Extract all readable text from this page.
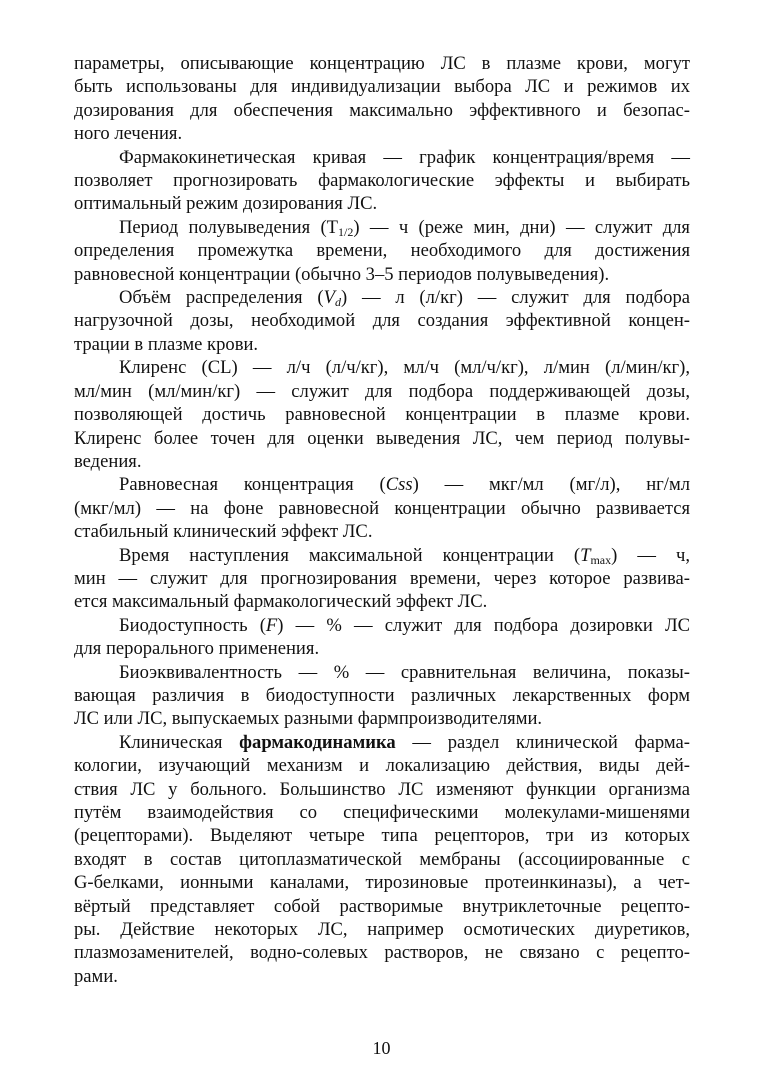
параметры, описывающие концентрацию ЛС в плазме крови, могут
быть использованы для индивидуализации выбора ЛС и режимов их
дозирования для обеспечения максимально эффективного и безопас-
ного лечения.

Фармакокинетическая кривая — график концентрация/время —
позволяет прогнозировать фармакологические эффекты и выбирать
оптимальный режим дозирования ЛС.

Период полувыведения $(T_{1/2})$ — ч (реже мин, дни) — служит для
определения промежутка времени, необходимого для достижения
равновесной концентрации (обычно 3–5 периодов полувыведения).

Объём распределения $(V_d)$ — л (л/кг) — служит для подбора
нагрузочной дозы, необходимой для создания эффективной концен-
трации в плазме крови.

Клиренс (CL) — л/ч (л/ч/кг), мл/ч (мл/ч/кг), л/мин (л/мин/кг),
мл/мин (мл/мин/кг) — служит для подбора поддерживающей дозы,
позволяющей достичь равновесной концентрации в плазме крови.
Клиренс более точен для оценки выведения ЛС, чем период полувы-
ведения.

Равновесная концентрация (Css) — мкг/мл (мг/л), нг/мл
(мкг/мл) — на фоне равновесной концентрации обычно развивается
стабильный клинический эффект ЛС.

Время наступления максимальной концентрации $(T_{max})$ — ч,
мин — служит для прогнозирования времени, через которое развива-
ется максимальный фармакологический эффект ЛС.

Биодоступность (F) — % — служит для подбора дозировки ЛС
для перорального применения.

Биоэквивалентность — % — сравнительная величина, показы-
вающая различия в биодоступности различных лекарственных форм
ЛС или ЛС, выпускаемых разными фармпроизводителями.

Клиническая фармакодинамика — раздел клинической фарма-
кологии, изучающий механизм и локализацию действия, виды дей-
ствия ЛС у больного. Большинство ЛС изменяют функции организма
путём взаимодействия со специфическими молекулами-мишенями
(рецепторами). Выделяют четыре типа рецепторов, три из которых
входят в состав цитоплазматической мембраны (ассоциированные с
G-белками, ионными каналами, тирозиновые протеинкиназы), а чет-
вёртый представляет собой растворимые внутриклеточные рецепто-
ры. Действие некоторых ЛС, например осмотических диуретиков,
плазмозаменителей, водно-солевых растворов, не связано с рецепто-
рами.

10
